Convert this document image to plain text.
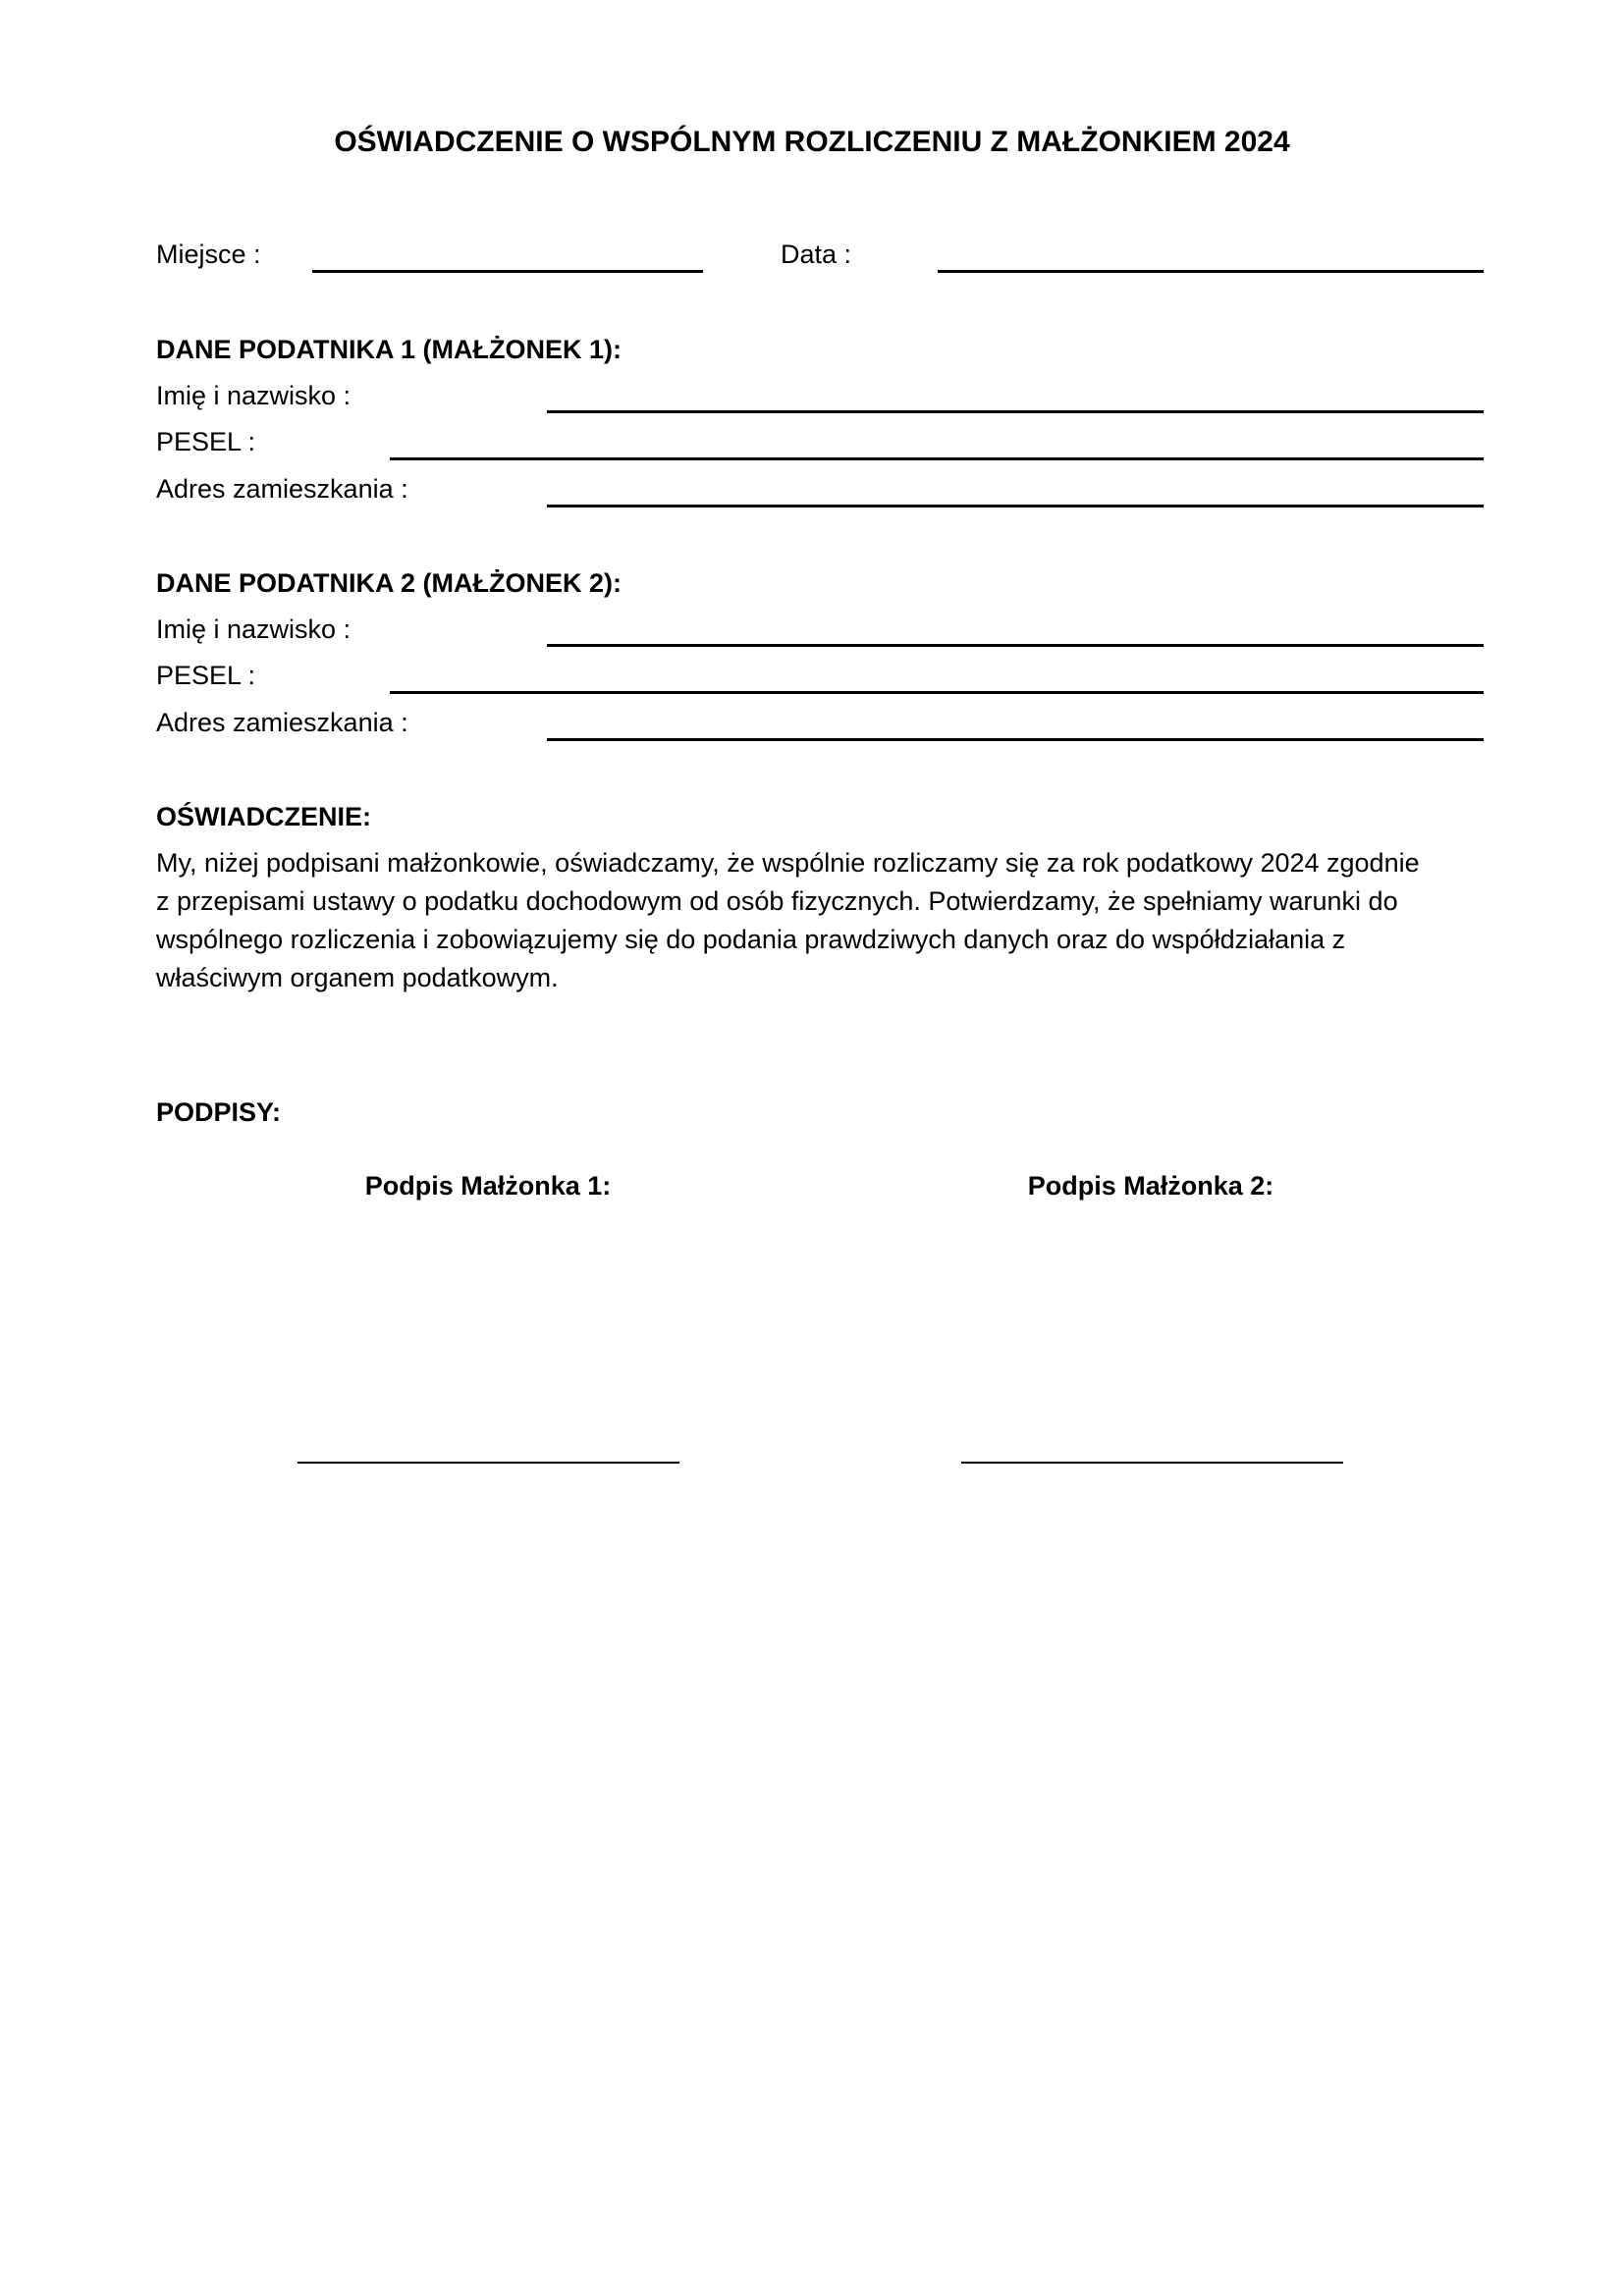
OŚWIADCZENIE O WSPÓLNYM ROZLICZENIU Z MAŁŻONKIEM 2024
Miejsce :	Data :
DANE PODATNIKA 1 (MAŁŻONEK 1):
Imię i nazwisko :
PESEL :
Adres zamieszkania :
DANE PODATNIKA 2 (MAŁŻONEK 2):
Imię i nazwisko :
PESEL :
Adres zamieszkania :
OŚWIADCZENIE:
My, niżej podpisani małżonkowie, oświadczamy, że wspólnie rozliczamy się za rok podatkowy 2024 zgodnie
z przepisami ustawy o podatku dochodowym od osób fizycznych. Potwierdzamy, że spełniamy warunki do
wspólnego rozliczenia i zobowiązujemy się do podania prawdziwych danych oraz do współdziałania z
właściwym organem podatkowym.
PODPISY:
Podpis Małżonka 1:	Podpis Małżonka 2:
